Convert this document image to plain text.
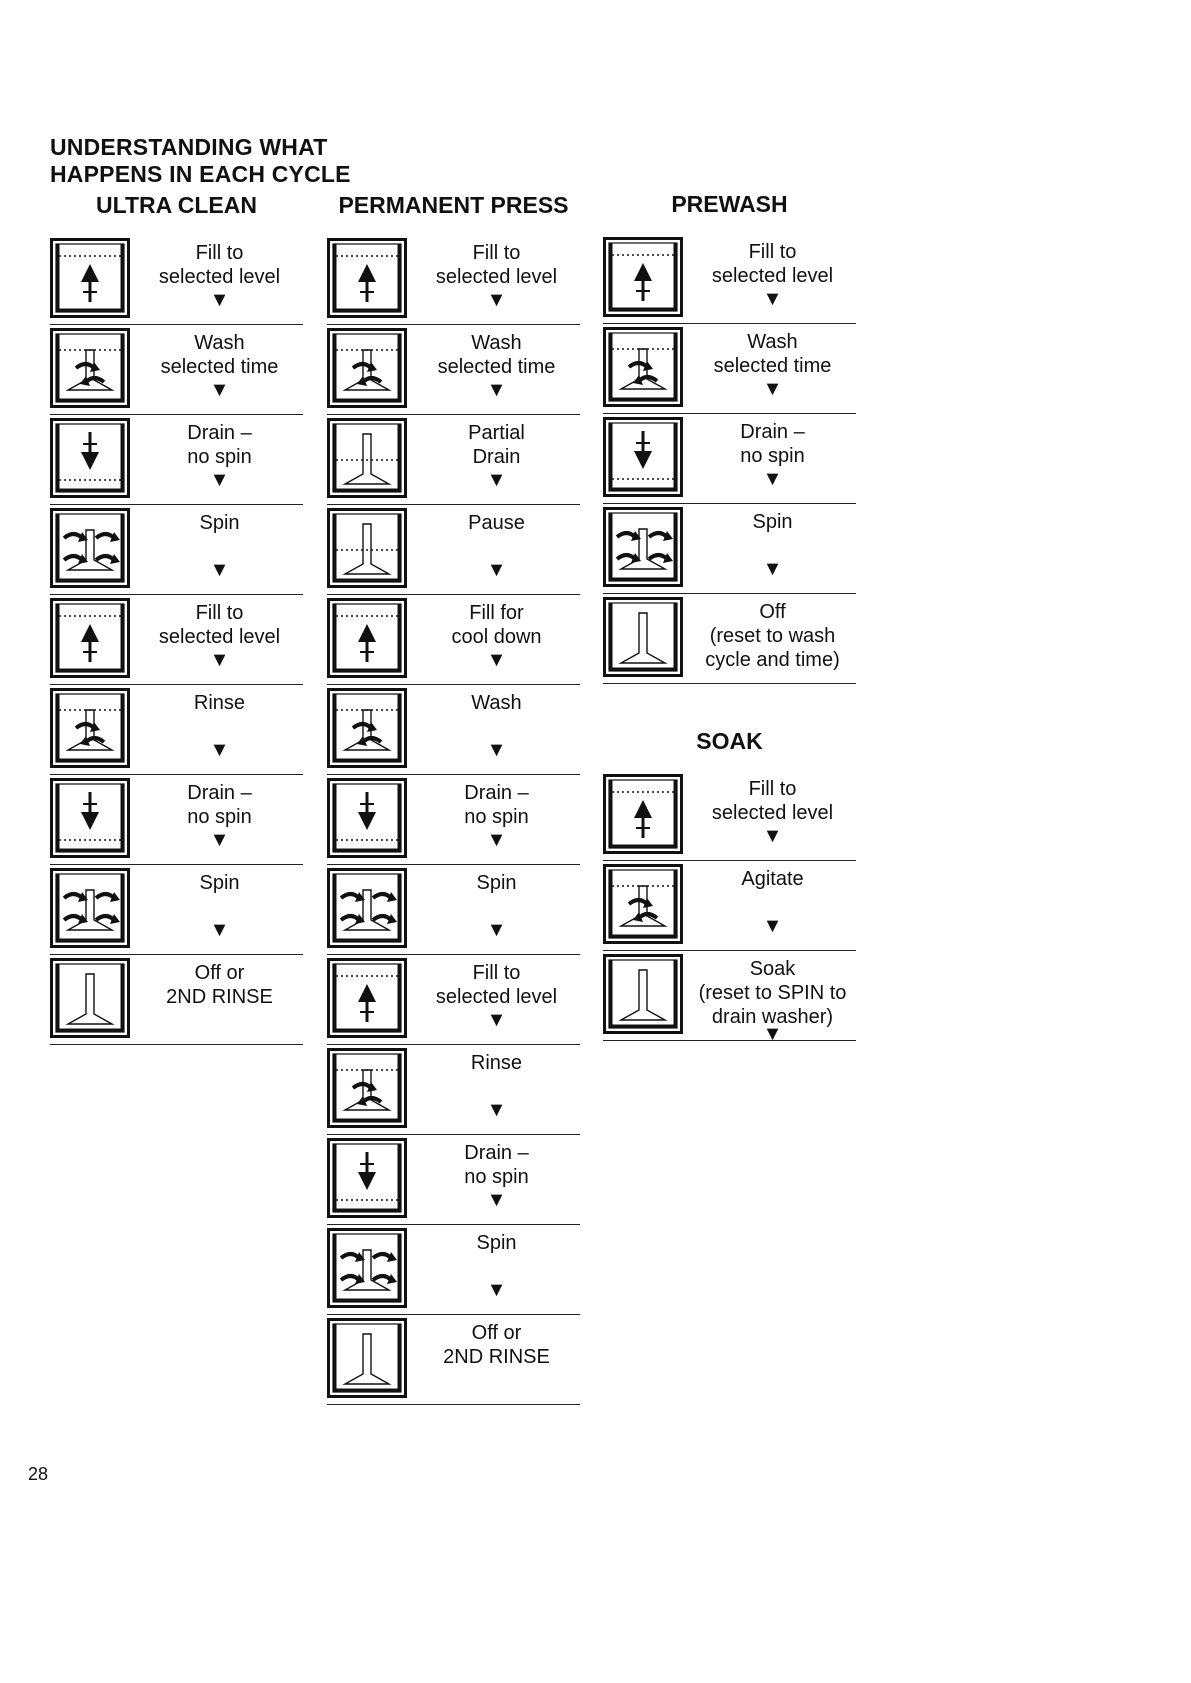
UNDERSTANDING WHAT
HAPPENS IN EACH CYCLE
ULTRA CLEAN
Fill to
selected level
▼
Wash
selected time
▼
Drain –
no spin
▼
Spin
▼
Fill to
selected level
▼
Rinse
▼
Drain –
no spin
▼
Spin
▼
Off or
2ND RINSE
PERMANENT PRESS
Fill to
selected level
▼
Wash
selected time
▼
Partial
Drain
▼
Pause
▼
Fill for
cool down
▼
Wash
▼
Drain –
no spin
▼
Spin
▼
Fill to
selected level
▼
Rinse
▼
Drain –
no spin
▼
Spin
▼
Off or
2ND RINSE
PREWASH
Fill to
selected level
▼
Wash
selected time
▼
Drain –
no spin
▼
Spin
▼
Off
(reset to wash
cycle and time)
SOAK
Fill to
selected level
▼
Agitate
▼
Soak
(reset to SPIN to
drain washer)
▼
28
